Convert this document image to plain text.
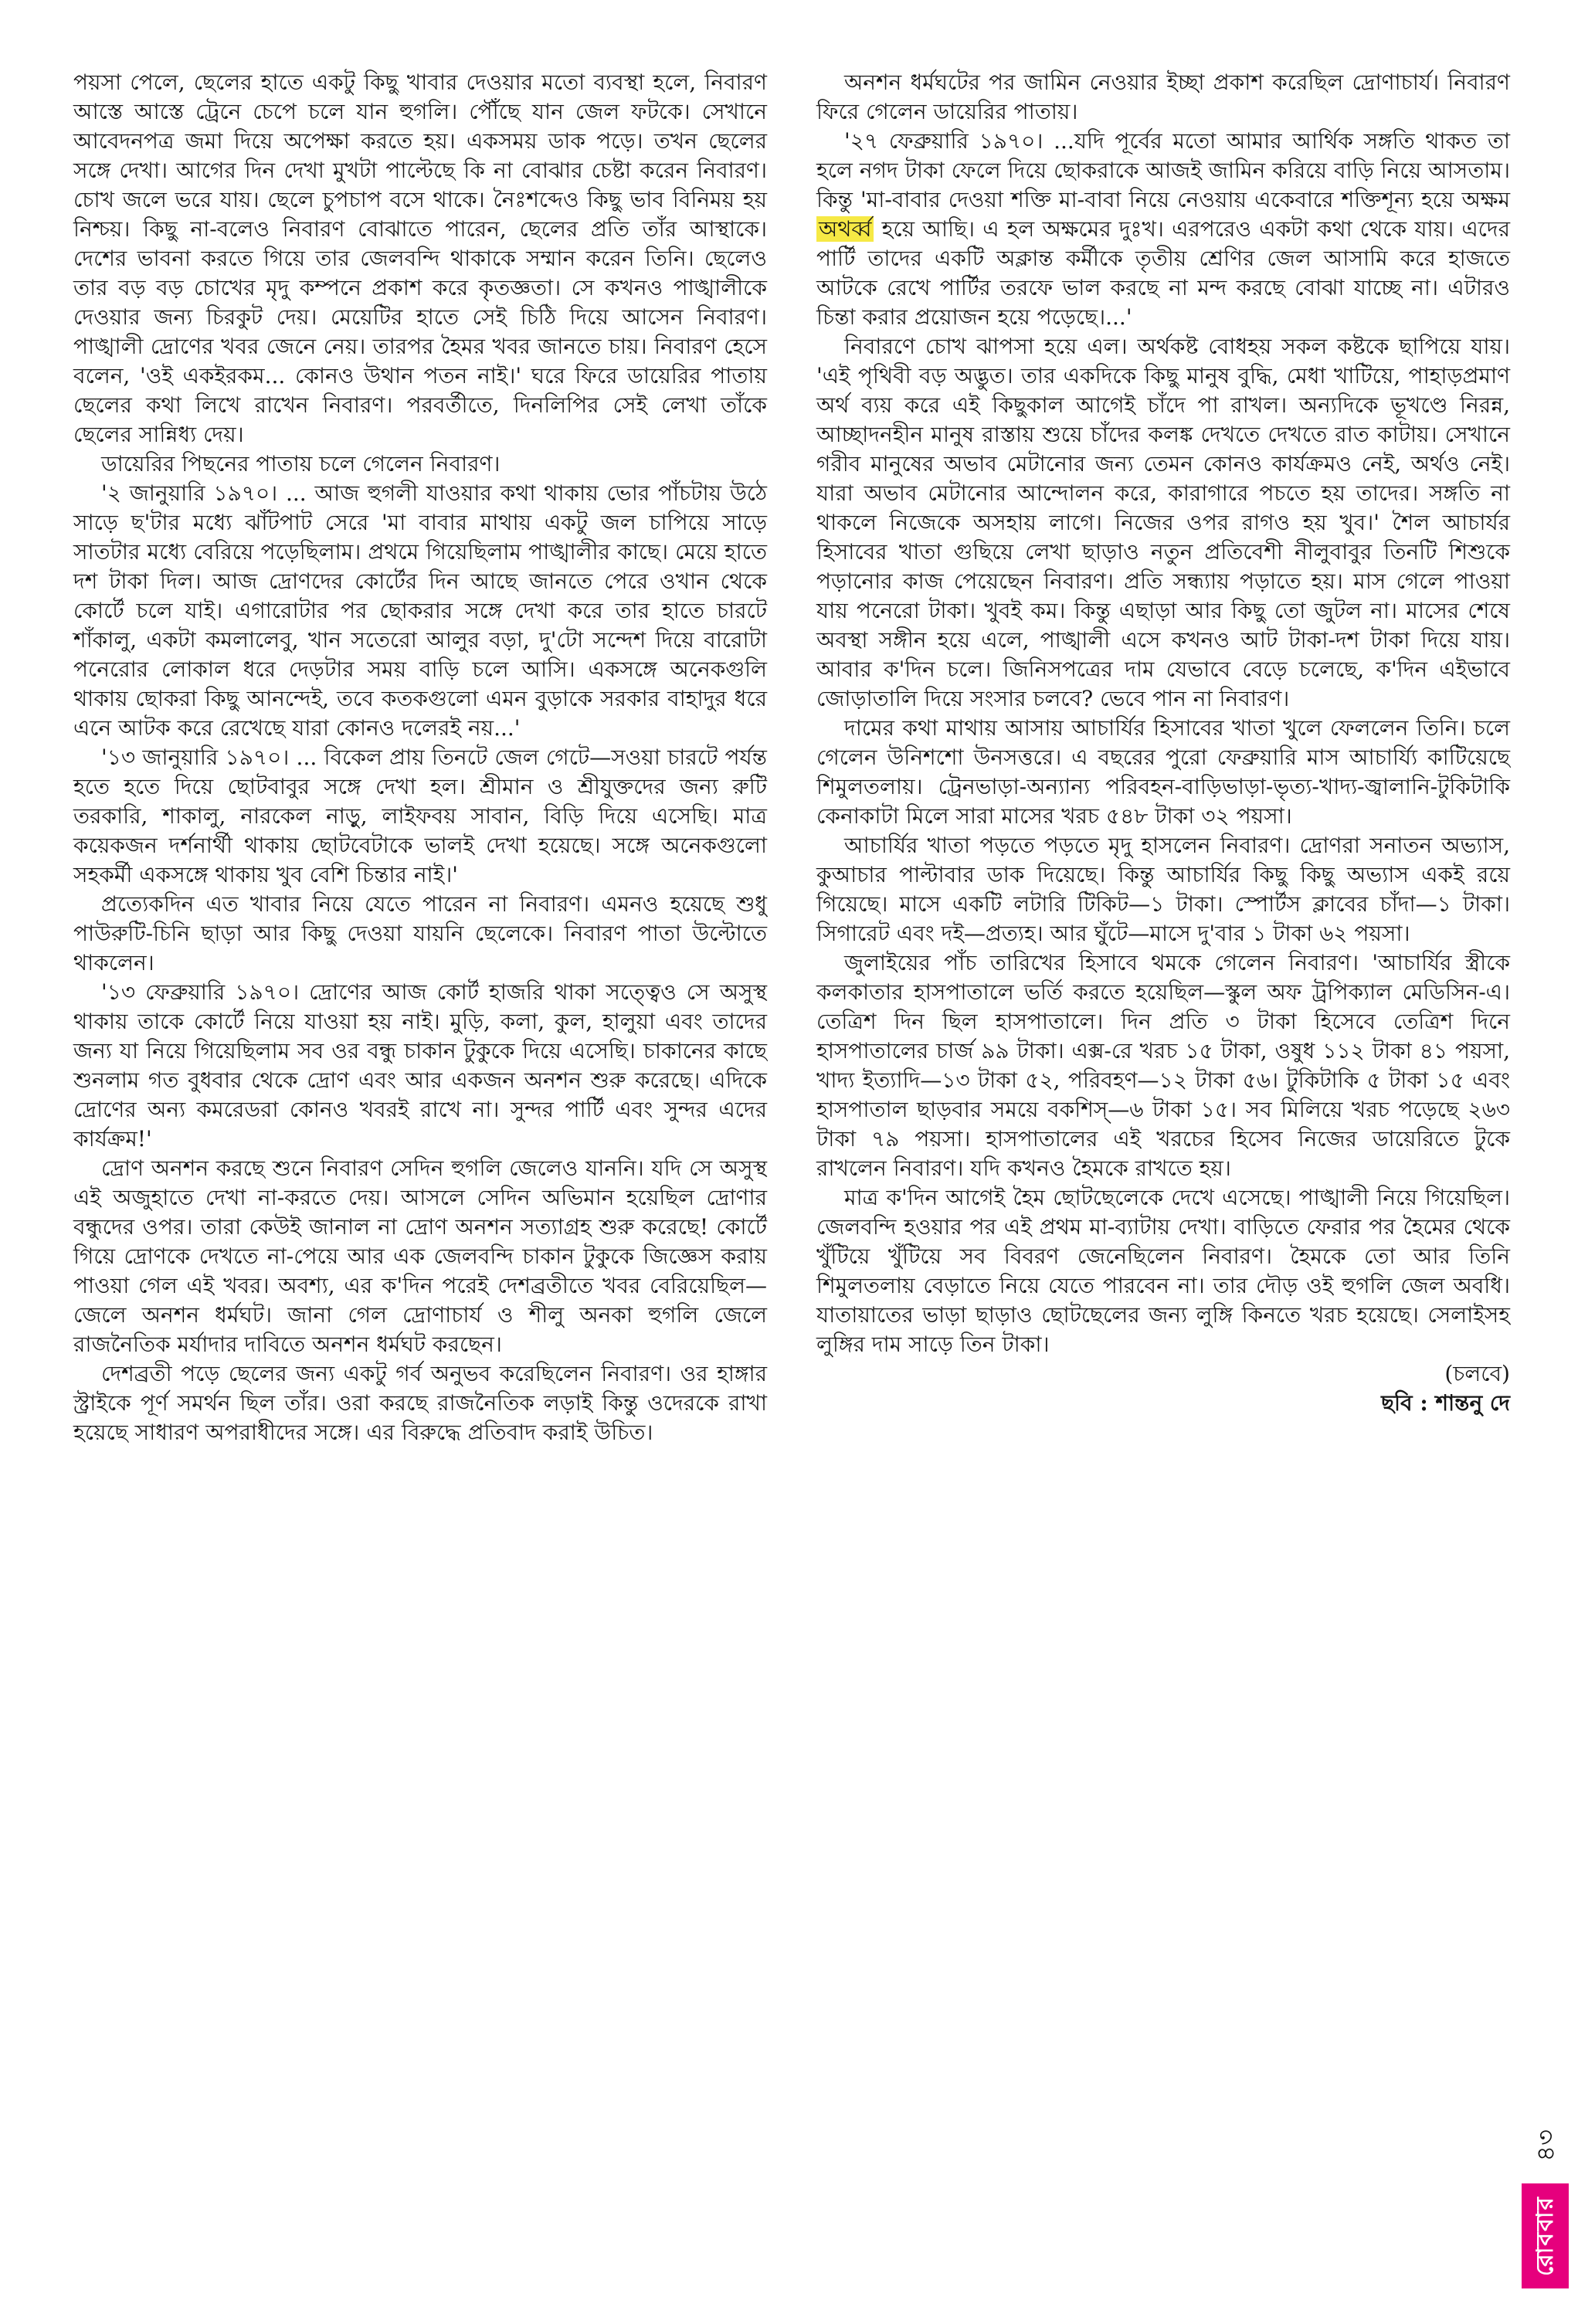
পয়সা পেলে, ছেলের হাতে একটু কিছু খাবার দেওয়ার মতো ব্যবস্থা হলে, নিবারণ আস্তে আস্তে ট্রেনে চেপে চলে যান হুগলি। পৌঁছে যান জেল ফটকে। সেখানে আবেদনপত্র জমা দিয়ে অপেক্ষা করতে হয়। একসময় ডাক পড়ে। তখন ছেলের সঙ্গে দেখা। আগের দিন দেখা মুখটা পাল্টেছে কি না বোঝার চেষ্টা করেন নিবারণ। চোখ জলে ভরে যায়। ছেলে চুপচাপ বসে থাকে। নৈঃশব্দেও কিছু ভাব বিনিময় হয় নিশ্চয়। কিছু না-বলেও নিবারণ বোঝাতে পারেন, ছেলের প্রতি তাঁর আস্থাকে। দেশের ভাবনা করতে গিয়ে তার জেলবন্দি থাকাকে সম্মান করেন তিনি। ছেলেও তার বড় বড় চোখের মৃদু কম্পনে প্রকাশ করে কৃতজ্ঞতা। সে কখনও পাঙ্খালীকে দেওয়ার জন্য চিরকুট দেয়। মেয়েটির হাতে সেই চিঠি দিয়ে আসেন নিবারণ। পাঙ্খালী দ্রোণের খবর জেনে নেয়। তারপর হৈমর খবর জানতে চায়। নিবারণ হেসে বলেন, 'ওই একইরকম... কোনও উথান পতন নাই।' ঘরে ফিরে ডায়েরির পাতায় ছেলের কথা লিখে রাখেন নিবারণ। পরবর্তীতে, দিনলিপির সেই লেখা তাঁকে ছেলের সান্নিধ্য দেয়।

ডায়েরির পিছনের পাতায় চলে গেলেন নিবারণ।

'২ জানুয়ারি ১৯৭০। ... আজ হুগলী যাওয়ার কথা থাকায় ভোর পাঁচটায় উঠে সাড়ে ছ'টার মধ্যে ঝাঁটপাট সেরে 'মা বাবার মাথায় একটু জল চাপিয়ে সাড়ে সাতটার মধ্যে বেরিয়ে পড়েছিলাম। প্রথমে গিয়েছিলাম পাঙ্খালীর কাছে। মেয়ে হাতে দশ টাকা দিল। আজ দ্রোণদের কোর্টের দিন আছে জানতে পেরে ওখান থেকে কোর্টে চলে যাই। এগারোটার পর ছোকরার সঙ্গে দেখা করে তার হাতে চারটে শাঁকালু, একটা কমলালেবু, খান সতেরো আলুর বড়া, দু'টো সন্দেশ দিয়ে বারোটা পনেরোর লোকাল ধরে দেড়টার সময় বাড়ি চলে আসি। একসঙ্গে অনেকগুলি থাকায় ছোকরা কিছু আনন্দেই, তবে কতকগুলো এমন বুড়াকে সরকার বাহাদুর ধরে এনে আটক করে রেখেছে যারা কোনও দলেরই নয়...'

'১৩ জানুয়ারি ১৯৭০। ... বিকেল প্রায় তিনটে জেল গেটে—সওয়া চারটে পর্যন্ত হতে হতে দিয়ে ছোটবাবুর সঙ্গে দেখা হল। শ্রীমান ও শ্রীযুক্তদের জন্য রুটি তরকারি, শাকালু, নারকেল নাড়ু, লাইফবয় সাবান, বিড়ি দিয়ে এসেছি। মাত্র কয়েকজন দর্শনার্থী থাকায় ছোটবেটাকে ভালই দেখা হয়েছে। সঙ্গে অনেকগুলো সহকর্মী একসঙ্গে থাকায় খুব বেশি চিন্তার নাই।'

প্রত্যেকদিন এত খাবার নিয়ে যেতে পারেন না নিবারণ। এমনও হয়েছে শুধু পাউরুটি-চিনি ছাড়া আর কিছু দেওয়া যায়নি ছেলেকে। নিবারণ পাতা উল্টোতে থাকলেন।

'১৩ ফেব্রুয়ারি ১৯৭০। দ্রোণের আজ কোর্ট হাজরি থাকা সত্ত্বেও সে অসুস্থ থাকায় তাকে কোর্টে নিয়ে যাওয়া হয় নাই। মুড়ি, কলা, কুল, হালুয়া এবং তাদের জন্য যা নিয়ে গিয়েছিলাম সব ওর বন্ধু চাকান টুকুকে দিয়ে এসেছি। চাকানের কাছে শুনলাম গত বুধবার থেকে দ্রোণ এবং আর একজন অনশন শুরু করেছে। এদিকে দ্রোণের অন্য কমরেডরা কোনও খবরই রাখে না। সুন্দর পার্টি এবং সুন্দর এদের কার্যক্রম!'

দ্রোণ অনশন করছে শুনে নিবারণ সেদিন হুগলি জেলেও যাননি। যদি সে অসুস্থ এই অজুহাতে দেখা না-করতে দেয়। আসলে সেদিন অভিমান হয়েছিল দ্রোণার বন্ধুদের ওপর। তারা কেউই জানাল না দ্রোণ অনশন সত্যাগ্রহ শুরু করেছে! কোর্টে গিয়ে দ্রোণকে দেখতে না-পেয়ে আর এক জেলবন্দি চাকান টুকুকে জিজ্ঞেস করায় পাওয়া গেল এই খবর। অবশ্য, এর ক'দিন পরেই দেশব্রতীতে খবর বেরিয়েছিল—জেলে অনশন ধর্মঘট। জানা গেল দ্রোণাচার্য ও শীলু অনকা হুগলি জেলে রাজনৈতিক মর্যাদার দাবিতে অনশন ধর্মঘট করছেন।

দেশব্রতী পড়ে ছেলের জন্য একটু গর্ব অনুভব করেছিলেন নিবারণ। ওর হাঙ্গার স্ট্রাইকে পূর্ণ সমর্থন ছিল তাঁর। ওরা করছে রাজনৈতিক লড়াই কিন্তু ওদেরকে রাখা হয়েছে সাধারণ অপরাধীদের সঙ্গে। এর বিরুদ্ধে প্রতিবাদ করাই উচিত।

অনশন ধর্মঘটের পর জামিন নেওয়ার ইচ্ছা প্রকাশ করেছিল দ্রোণাচার্য। নিবারণ ফিরে গেলেন ডায়েরির পাতায়।

'২৭ ফেব্রুয়ারি ১৯৭০। ...যদি পূর্বের মতো আমার আর্থিক সঙ্গতি থাকত তা হলে নগদ টাকা ফেলে দিয়ে ছোকরাকে আজই জামিন করিয়ে বাড়ি নিয়ে আসতাম। কিন্তু 'মা-বাবার দেওয়া শক্তি মা-বাবা নিয়ে নেওয়ায় একেবারে শক্তিশূন্য হয়ে অক্ষম অথর্ব্ব হয়ে আছি। এ হল অক্ষমের দুঃখ। এরপরেও একটা কথা থেকে যায়। এদের পার্টি তাদের একটি অক্লান্ত কর্মীকে তৃতীয় শ্রেণির জেল আসামি করে হাজতে আটকে রেখে পার্টির তরফে ভাল করছে না মন্দ করছে বোঝা যাচ্ছে না। এটারও চিন্তা করার প্রয়োজন হয়ে পড়েছে।...'

নিবারণে চোখ ঝাপসা হয়ে এল। অর্থকষ্ট বোধহয় সকল কষ্টকে ছাপিয়ে যায়। 'এই পৃথিবী বড় অদ্ভুত। তার একদিকে কিছু মানুষ বুদ্ধি, মেধা খাটিয়ে, পাহাড়প্রমাণ অর্থ ব্যয় করে এই কিছুকাল আগেই চাঁদে পা রাখল। অন্যদিকে ভূখণ্ডে নিরন্ন, আচ্ছাদনহীন মানুষ রাস্তায় শুয়ে চাঁদের কলঙ্ক দেখতে দেখতে রাত কাটায়। সেখানে গরীব মানুষের অভাব মেটানোর জন্য তেমন কোনও কার্যক্রমও নেই, অর্থও নেই। যারা অভাব মেটানোর আন্দোলন করে, কারাগারে পচতে হয় তাদের। সঙ্গতি না থাকলে নিজেকে অসহায় লাগে। নিজের ওপর রাগও হয় খুব।' শৈল আচার্যর হিসাবের খাতা গুছিয়ে লেখা ছাড়াও নতুন প্রতিবেশী নীলুবাবুর তিনটি শিশুকে পড়ানোর কাজ পেয়েছেন নিবারণ। প্রতি সন্ধ্যায় পড়াতে হয়। মাস গেলে পাওয়া যায় পনেরো টাকা। খুবই কম। কিন্তু এছাড়া আর কিছু তো জুটল না। মাসের শেষে অবস্থা সঙ্গীন হয়ে এলে, পাঙ্খালী এসে কখনও আট টাকা-দশ টাকা দিয়ে যায়। আবার ক'দিন চলে। জিনিসপত্রের দাম যেভাবে বেড়ে চলেছে, ক'দিন এইভাবে জোড়াতালি দিয়ে সংসার চলবে? ভেবে পান না নিবারণ।

দামের কথা মাথায় আসায় আচার্যির হিসাবের খাতা খুলে ফেললেন তিনি। চলে গেলেন উনিশশো উনসত্তরে। এ বছরের পুরো ফেব্রুয়ারি মাস আচার্য্যি কাটিয়েছে শিমুলতলায়। ট্রেনভাড়া-অন্যান্য পরিবহন-বাড়িভাড়া-ভৃত্য-খাদ্য-জ্বালানি-টুকিটাকি কেনাকাটা মিলে সারা মাসের খরচ ৫৪৮ টাকা ৩২ পয়সা।

আচার্যির খাতা পড়তে পড়তে মৃদু হাসলেন নিবারণ। দ্রোণরা সনাতন অভ্যাস, কুআচার পাল্টাবার ডাক দিয়েছে। কিন্তু আচার্যির কিছু কিছু অভ্যাস একই রয়ে গিয়েছে। মাসে একটি লটারি টিকিট—১ টাকা। স্পোর্টস ক্লাবের চাঁদা—১ টাকা। সিগারেট এবং দই—প্রত্যহ। আর ঘুঁটে—মাসে দু'বার ১ টাকা ৬২ পয়সা।

জুলাইয়ের পাঁচ তারিখের হিসাবে থমকে গেলেন নিবারণ। 'আচার্যির স্ত্রীকে কলকাতার হাসপাতালে ভর্তি করতে হয়েছিল—স্কুল অফ ট্রপিক্যাল মেডিসিন-এ। তেত্রিশ দিন ছিল হাসপাতালে। দিন প্রতি ৩ টাকা হিসেবে তেত্রিশ দিনে হাসপাতালের চার্জ ৯৯ টাকা। এক্স-রে খরচ ১৫ টাকা, ওষুধ ১১২ টাকা ৪১ পয়সা, খাদ্য ইত্যাদি—১৩ টাকা ৫২, পরিবহণ—১২ টাকা ৫৬। টুকিটাকি ৫ টাকা ১৫ এবং হাসপাতাল ছাড়বার সময়ে বকশিস্—৬ টাকা ১৫। সব মিলিয়ে খরচ পড়েছে ২৬৩ টাকা ৭৯ পয়সা। হাসপাতালের এই খরচের হিসেব নিজের ডায়েরিতে টুকে রাখলেন নিবারণ। যদি কখনও হৈমকে রাখতে হয়।

মাত্র ক'দিন আগেই হৈম ছোটছেলেকে দেখে এসেছে। পাঙ্খালী নিয়ে গিয়েছিল। জেলবন্দি হওয়ার পর এই প্রথম মা-ব্যাটায় দেখা। বাড়িতে ফেরার পর হৈমের থেকে খুঁটিয়ে খুঁটিয়ে সব বিবরণ জেনেছিলেন নিবারণ। হৈমকে তো আর তিনি শিমুলতলায় বেড়াতে নিয়ে যেতে পারবেন না। তার দৌড় ওই হুগলি জেল অবধি। যাতায়াতের ভাড়া ছাড়াও ছোটছেলের জন্য লুঙ্গি কিনতে খরচ হয়েছে। সেলাইসহ লুঙ্গির দাম সাড়ে তিন টাকা।

(চলবে)

ছবি : শান্তনু দে

৪৩
রোববার
